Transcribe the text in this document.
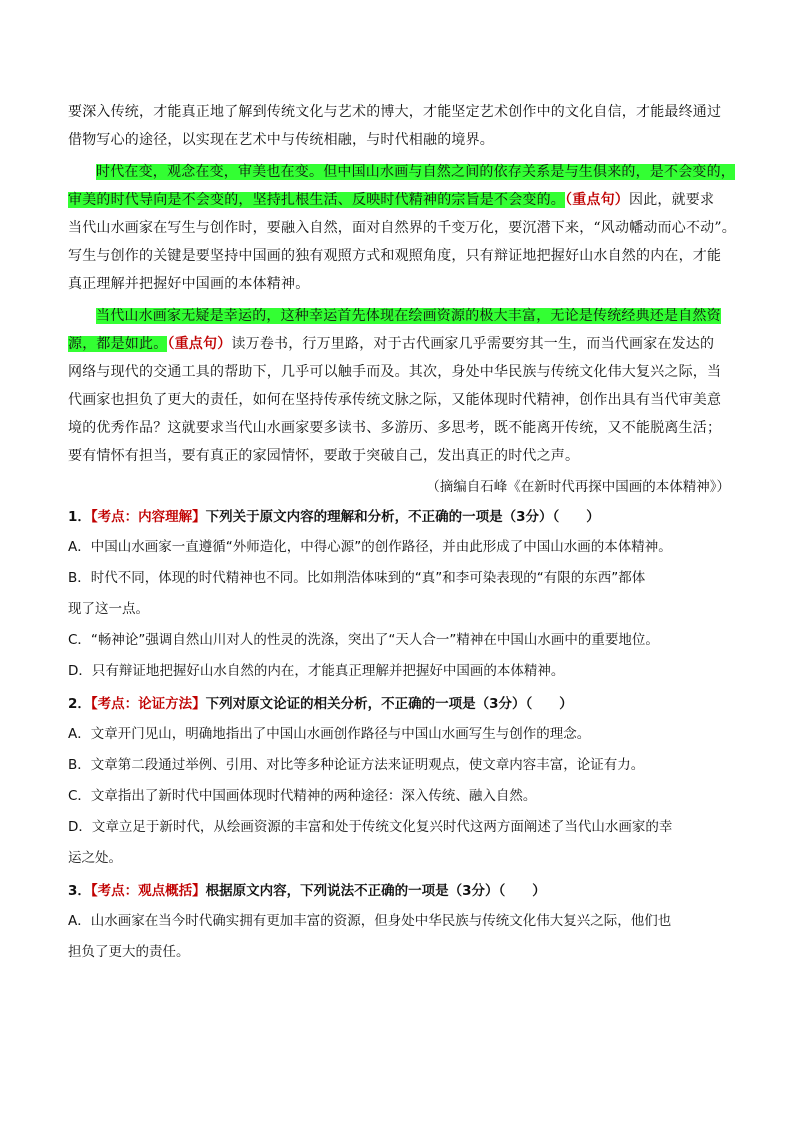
要深入传统，才能真正地了解到传统文化与艺术的博大，才能坚定艺术创作中的文化自信，才能最终通过
借物写心的途径，以实现在艺术中与传统相融，与时代相融的境界。

时代在变，观念在变，审美也在变。但中国山水画与自然之间的依存关系是与生俱来的，是不会变的，
审美的时代导向是不会变的，坚持扎根生活、反映时代精神的宗旨是不会变的。（重点句）因此，就要求
当代山水画家在写生与创作时，要融入自然，面对自然界的千变万化，要沉潜下来，“风动幡动而心不动”。
写生与创作的关键是要坚持中国画的独有观照方式和观照角度，只有辩证地把握好山水自然的内在，才能
真正理解并把握好中国画的本体精神。

当代山水画家无疑是幸运的，这种幸运首先体现在绘画资源的极大丰富，无论是传统经典还是自然资
源，都是如此。（重点句）读万卷书，行万里路，对于古代画家几乎需要穷其一生，而当代画家在发达的
网络与现代的交通工具的帮助下，几乎可以触手而及。其次，身处中华民族与传统文化伟大复兴之际，当
代画家也担负了更大的责任，如何在坚持传承传统文脉之际，又能体现时代精神，创作出具有当代审美意
境的优秀作品？这就要求当代山水画家要多读书、多游历、多思考，既不能离开传统，又不能脱离生活；
要有情怀有担当，要有真正的家园情怀，要敢于突破自己，发出真正的时代之声。

（摘编自石峰《在新时代再探中国画的本体精神》）

1．【考点：内容理解】下列关于原文内容的理解和分析，不正确的一项是（3分）（　　）

A．中国山水画家一直遵循“外师造化，中得心源”的创作路径，并由此形成了中国山水画的本体精神。

B．时代不同，体现的时代精神也不同。比如荆浩体味到的“真”和李可染表现的“有限的东西”都体
现了这一点。

C．“畅神论”强调自然山川对人的性灵的洗涤，突出了“天人合一”精神在中国山水画中的重要地位。

D．只有辩证地把握好山水自然的内在，才能真正理解并把握好中国画的本体精神。

2．【考点：论证方法】下列对原文论证的相关分析，不正确的一项是（3分）（　　）

A．文章开门见山，明确地指出了中国山水画创作路径与中国山水画写生与创作的理念。

B．文章第二段通过举例、引用、对比等多种论证方法来证明观点，使文章内容丰富，论证有力。

C．文章指出了新时代中国画体现时代精神的两种途径：深入传统、融入自然。

D．文章立足于新时代，从绘画资源的丰富和处于传统文化复兴时代这两方面阐述了当代山水画家的幸
运之处。

3．【考点：观点概括】根据原文内容，下列说法不正确的一项是（3分）（　　）

A．山水画家在当今时代确实拥有更加丰富的资源，但身处中华民族与传统文化伟大复兴之际，他们也
担负了更大的责任。
